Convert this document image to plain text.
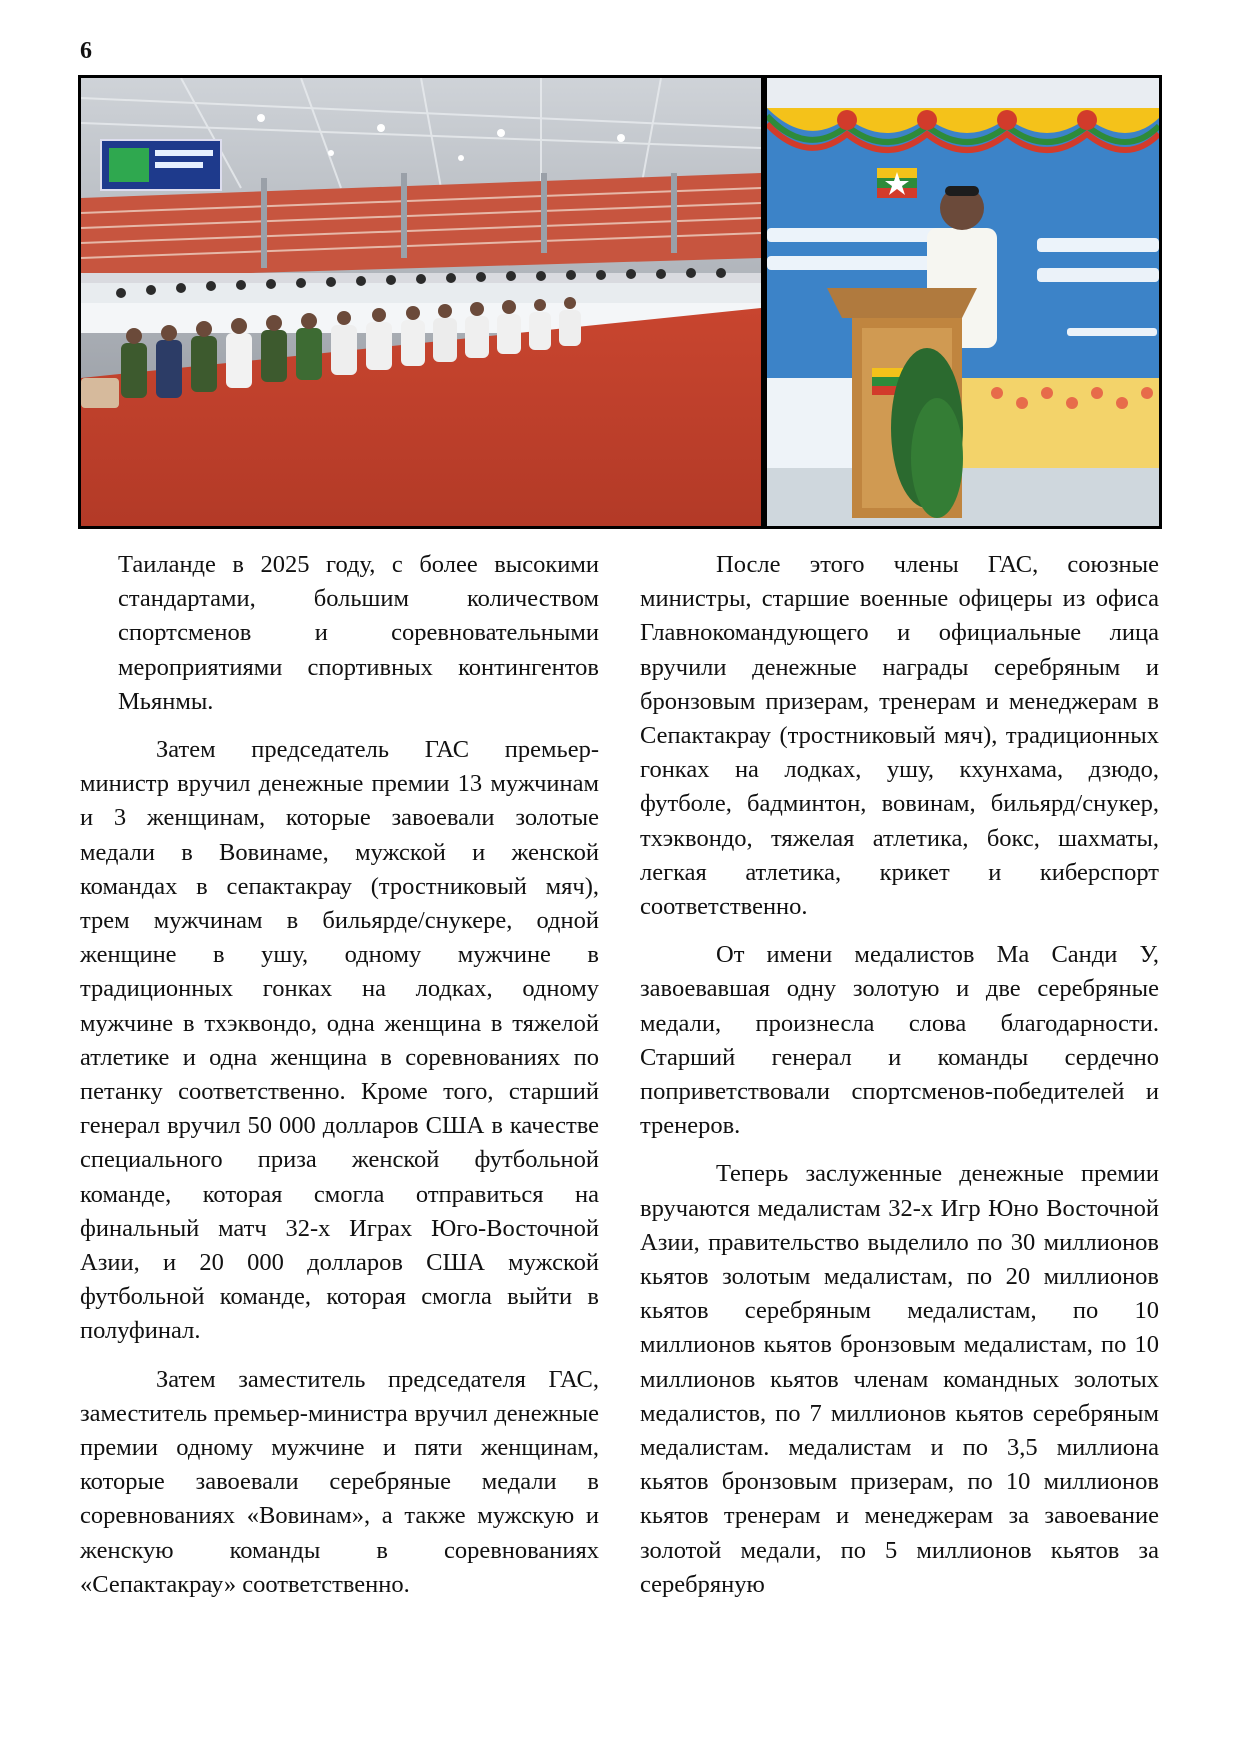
6

Таиланде в 2025 году, с более высокими стандартами, большим количеством спортсменов и соревновательными мероприятиями спортивных контингентов Мьянмы.

Затем председатель ГАС премьер-министр вручил денежные премии 13 мужчинам и 3 женщинам, которые завоевали золотые медали в Вовинаме, мужской и женской командах в сепактакрау (тростниковый мяч), трем мужчинам в бильярде/снукере, одной женщине в ушу, одному мужчине в традиционных гонках на лодках, одному мужчине в тхэквондо, одна женщина в тяжелой атлетике и одна женщина в соревнованиях по петанку соответственно. Кроме того, старший генерал вручил 50 000 долларов США в качестве специального приза женской футбольной команде, которая смогла отправиться на финальный матч 32-х Играх Юго-Восточной Азии, и 20 000 долларов США мужской футбольной команде, которая смогла выйти в полуфинал.

Затем заместитель председателя ГАС, заместитель премьер-министра вручил денежные премии одному мужчине и пяти женщинам, которые завоевали серебряные медали в соревнованиях «Вовинам», а также мужскую и женскую команды в соревнованиях «Сепактакрау» соответственно.

После этого члены ГАС, союзные министры, старшие военные офицеры из офиса Главнокомандующего и официальные лица вручили денежные награды серебряным и бронзовым призерам, тренерам и менеджерам в Сепактакрау (тростниковый мяч), традиционных гонках на лодках, ушу, кхунхама, дзюдо, футболе, бадминтон, вовинам, бильярд/снукер, тхэквондо, тяжелая атлетика, бокс, шахматы, легкая атлетика, крикет и киберспорт соответственно.

От имени медалистов Ма Санди У, завоевавшая одну золотую и две серебряные медали, произнесла слова благодарности. Старший генерал и команды сердечно поприветствовали спортсменов-победителей и тренеров.

Теперь заслуженные денежные премии вручаются медалистам 32-х Игр Юно Восточной Азии, правительство выделило по 30 миллионов кьятов золотым медалистам, по 20 миллионов кьятов серебряным медалистам, по 10 миллионов кьятов бронзовым медалистам, по 10 миллионов кьятов членам командных золотых медалистов, по 7 миллионов кьятов серебряным медалистам. медалистам и по 3,5 миллиона кьятов бронзовым призерам, по 10 миллионов кьятов тренерам и менеджерам за завоевание золотой медали, по 5 миллионов кьятов за серебряную
